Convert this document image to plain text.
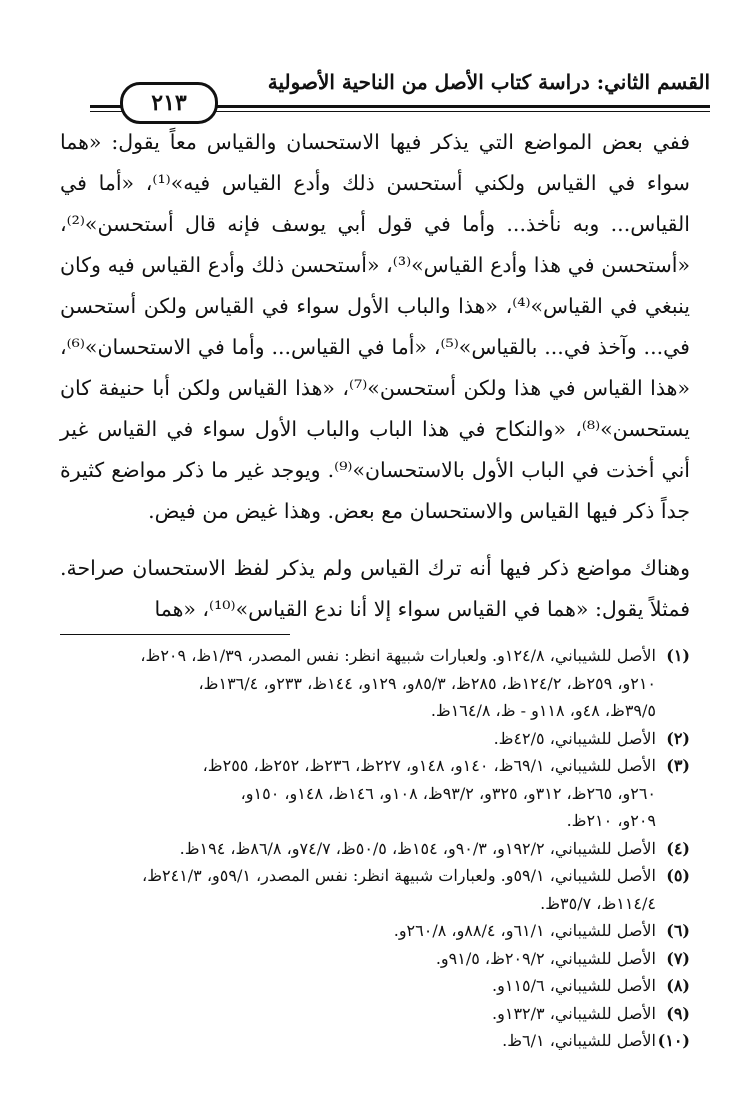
القسم الثاني: دراسة كتاب الأصل من الناحية الأصولية
٢١٣

ففي بعض المواضع التي يذكر فيها الاستحسان والقياس معاً يقول: «هما سواء في القياس ولكني أستحسن ذلك وأدع القياس فيه»⁽¹⁾، «أما في القياس... وبه نأخذ... وأما في قول أبي يوسف فإنه قال أستحسن»⁽²⁾، «أستحسن في هذا وأدع القياس»⁽³⁾، «أستحسن ذلك وأدع القياس فيه وكان ينبغي في القياس»⁽⁴⁾، «هذا والباب الأول سواء في القياس ولكن أستحسن في... وآخذ في... بالقياس»⁽⁵⁾، «أما في القياس... وأما في الاستحسان»⁽⁶⁾، «هذا القياس في هذا ولكن أستحسن»⁽⁷⁾، «هذا القياس ولكن أبا حنيفة كان يستحسن»⁽⁸⁾، «والنكاح في هذا الباب والباب الأول سواء في القياس غير أني أخذت في الباب الأول بالاستحسان»⁽⁹⁾. ويوجد غير ما ذكر مواضع كثيرة جداً ذكر فيها القياس والاستحسان مع بعض. وهذا غيض من فيض.

وهناك مواضع ذكر فيها أنه ترك القياس ولم يذكر لفظ الاستحسان صراحة. فمثلاً يقول: «هما في القياس سواء إلا أنا ندع القياس»⁽¹⁰⁾، «هما

(١)الأصل للشيباني، ١٢٤/٨و. ولعبارات شبيهة انظر: نفس المصدر، ١/٣٩ظ، ٢٠٩ظ،
٢١٠و، ٢٥٩ظ، ١٢٤/٢ظ، ٢٨٥ظ، ٨٥/٣و، ١٢٩و، ١٤٤ظ، ٢٣٣و، ١٣٦/٤ظ،
٣٩/٥ظ، ٤٨و، ١١٨و - ظ، ١٦٤/٨ظ.
(٢)الأصل للشيباني، ٤٢/٥ظ.
(٣)الأصل للشيباني، ٦٩/١ظ، ١٤٠و، ١٤٨و، ٢٢٧ظ، ٢٣٦ظ، ٢٥٢ظ، ٢٥٥ظ،
٢٦٠و، ٢٦٥ظ، ٣١٢و، ٣٢٥و، ٩٣/٢ظ، ١٠٨و، ١٤٦ظ، ١٤٨و، ١٥٠و،
٢٠٩و، ٢١٠ظ.
(٤)الأصل للشيباني، ١٩٢/٢و، ٩٠/٣و، ١٥٤ظ، ٥٠/٥ظ، ٧٤/٧و، ٨٦/٨ظ، ١٩٤ظ.
(٥)الأصل للشيباني، ٥٩/١و. ولعبارات شبيهة انظر: نفس المصدر، ٥٩/١و، ٢٤١/٣ظ،
١١٤/٤ظ، ٣٥/٧ظ.
(٦)الأصل للشيباني، ٦١/١و، ٨٨/٤و، ٢٦٠/٨و.
(٧)الأصل للشيباني، ٢٠٩/٢ظ، ٩١/٥و.
(٨)الأصل للشيباني، ١١٥/٦و.
(٩)الأصل للشيباني، ١٣٢/٣و.
(١٠)الأصل للشيباني، ٦/١ظ.
